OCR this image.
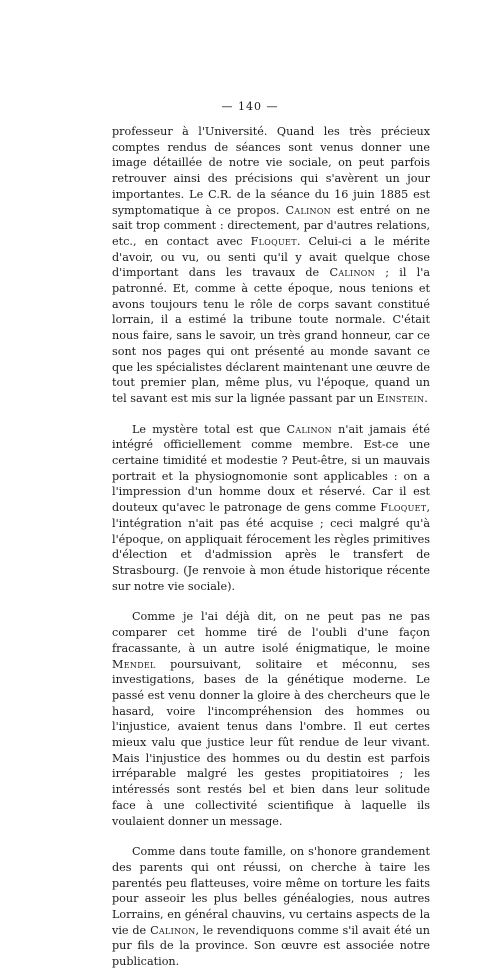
— 140 —

professeur à l'Université. Quand les très précieux comptes rendus de séances sont venus donner une image détaillée de notre vie sociale, on peut parfois retrouver ainsi des précisions qui s'avèrent un jour importantes. Le C.R. de la séance du 16 juin 1885 est symptomatique à ce propos. Calinon est entré on ne sait trop comment : directement, par d'autres relations, etc., en contact avec Floquet. Celui-ci a le mérite d'avoir, ou vu, ou senti qu'il y avait quelque chose d'important dans les travaux de Calinon ; il l'a patronné. Et, comme à cette époque, nous tenions et avons toujours tenu le rôle de corps savant constitué lorrain, il a estimé la tribune toute normale. C'était nous faire, sans le savoir, un très grand honneur, car ce sont nos pages qui ont présenté au monde savant ce que les spécialistes déclarent maintenant une œuvre de tout premier plan, même plus, vu l'époque, quand un tel savant est mis sur la lignée passant par un Einstein.

Le mystère total est que Calinon n'ait jamais été intégré officiellement comme membre. Est-ce une certaine timidité et modestie ? Peut-être, si un mauvais portrait et la physiognomonie sont applicables : on a l'impression d'un homme doux et réservé. Car il est douteux qu'avec le patronage de gens comme Floquet, l'intégration n'ait pas été acquise ; ceci malgré qu'à l'époque, on appliquait férocement les règles primitives d'élection et d'admission après le transfert de Strasbourg. (Je renvoie à mon étude historique récente sur notre vie sociale).

Comme je l'ai déjà dit, on ne peut pas ne pas comparer cet homme tiré de l'oubli d'une façon fracassante, à un autre isolé énigmatique, le moine Mendel poursuivant, solitaire et méconnu, ses investigations, bases de la génétique moderne. Le passé est venu donner la gloire à des chercheurs que le hasard, voire l'incompréhension des hommes ou l'injustice, avaient tenus dans l'ombre. Il eut certes mieux valu que justice leur fût rendue de leur vivant. Mais l'injustice des hommes ou du destin est parfois irréparable malgré les gestes propitiatoires ; les intéressés sont restés bel et bien dans leur solitude face à une collectivité scientifique à laquelle ils voulaient donner un message.

Comme dans toute famille, on s'honore grandement des parents qui ont réussi, on cherche à taire les parentés peu flatteuses, voire même on torture les faits pour asseoir les plus belles généalogies, nous autres Lorrains, en général chauvins, vu certains aspects de la vie de Calinon, le revendiquons comme s'il avait été un pur fils de la province. Son œuvre est associée notre publication.
